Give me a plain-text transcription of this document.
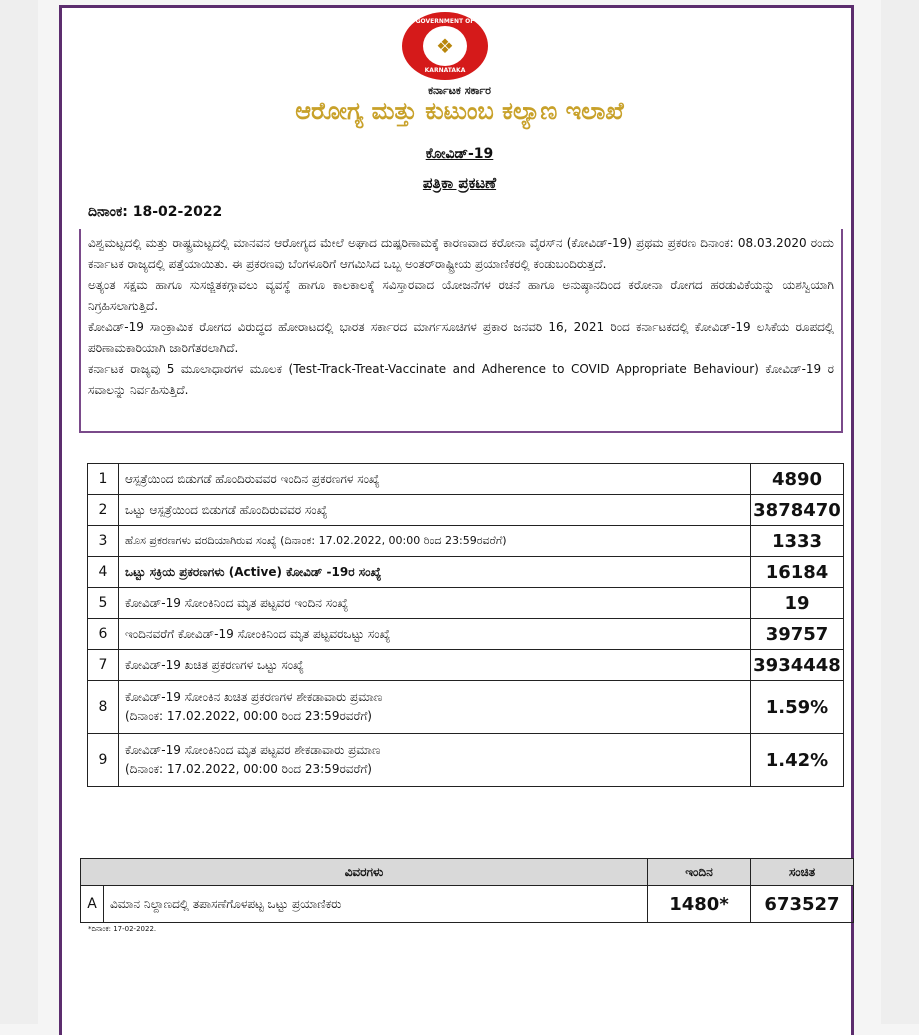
GOVERNMENT OF
❖
KARNATAKA
ಕರ್ನಾಟಕ ಸರ್ಕಾರ
ಆರೋಗ್ಯ ಮತ್ತು ಕುಟುಂಬ ಕಲ್ಯಾಣ ಇಲಾಖೆ
ಕೋವಿಡ್-19
ಪತ್ರಿಕಾ ಪ್ರಕಟಣೆ
ದಿನಾಂಕ: 18-02-2022

ವಿಶ್ವಮಟ್ಟದಲ್ಲಿ ಮತ್ತು ರಾಷ್ಟ್ರಮಟ್ಟದಲ್ಲಿ ಮಾನವನ ಆರೋಗ್ಯದ ಮೇಲೆ ಅಘಾದ ದುಷ್ಪರಿಣಾಮಕ್ಕೆ ಕಾರಣವಾದ ಕರೋನಾ ವೈರಸ್‌ನ (ಕೋವಿಡ್-19) ಪ್ರಥಮ ಪ್ರಕರಣ ದಿನಾಂಕ: 08.03.2020 ರಂದು ಕರ್ನಾಟಕ ರಾಜ್ಯದಲ್ಲಿ ಪತ್ತೆಯಾಯಿತು. ಈ ಪ್ರಕರಣವು ಬೆಂಗಳೂರಿಗೆ ಆಗಮಿಸಿದ ಒಬ್ಬ ಅಂತರ್‌ರಾಷ್ಟ್ರೀಯ ಪ್ರಯಾಣಿಕರಲ್ಲಿ ಕಂಡುಬಂದಿರುತ್ತದೆ.

ಅತ್ಯಂತ ಸಕ್ಷಮ ಹಾಗೂ ಸುಸಜ್ಜಿತಕಗ್ಗಾವಲು ವ್ಯವಸ್ಥೆ ಹಾಗೂ ಕಾಲಕಾಲಕ್ಕೆ ಸವಿಸ್ತಾರವಾದ ಯೋಜನೆಗಳ ರಚನೆ ಹಾಗೂ ಅನುಷ್ಠಾನದಿಂದ ಕರೋನಾ ರೋಗದ ಹರಡುವಿಕೆಯನ್ನು ಯಶಸ್ವಿಯಾಗಿ ನಿಗ್ರಹಿಸಲಾಗುತ್ತಿದೆ.

ಕೋವಿಡ್-19 ಸಾಂಕ್ರಾಮಿಕ ರೋಗದ ವಿರುದ್ಧದ ಹೋರಾಟದಲ್ಲಿ ಭಾರತ ಸರ್ಕಾರದ ಮಾರ್ಗಸೂಚಿಗಳ ಪ್ರಕಾರ ಜನವರಿ 16, 2021 ರಿಂದ ಕರ್ನಾಟಕದಲ್ಲಿ ಕೋವಿಡ್-19 ಲಸಿಕೆಯ ರೂಪದಲ್ಲಿ ಪರಿಣಾಮಕಾರಿಯಾಗಿ ಜಾರಿಗೆತರಲಾಗಿದೆ.

ಕರ್ನಾಟಕ ರಾಜ್ಯವು 5 ಮೂಲಾಧಾರಗಳ ಮೂಲಕ (Test-Track-Treat-Vaccinate and Adherence to COVID Appropriate Behaviour) ಕೋವಿಡ್-19 ರ ಸವಾಲನ್ನು ನಿರ್ವಹಿಸುತ್ತಿದೆ.

1	ಆಸ್ಪತ್ರೆಯಿಂದ ಬಿಡುಗಡೆ ಹೊಂದಿರುವವರ ಇಂದಿನ ಪ್ರಕರಣಗಳ ಸಂಖ್ಯೆ	4890
2	ಒಟ್ಟು ಆಸ್ಪತ್ರೆಯಿಂದ ಬಿಡುಗಡೆ ಹೊಂದಿರುವವರ ಸಂಖ್ಯೆ	3878470
3	ಹೊಸ ಪ್ರಕರಣಗಳು ವರದಿಯಾಗಿರುವ ಸಂಖ್ಯೆ (ದಿನಾಂಕ: 17.02.2022, 00:00 ರಿಂದ 23:59ರವರೆಗೆ)	1333
4	ಒಟ್ಟು ಸಕ್ರಿಯ ಪ್ರಕರಣಗಳು (Active) ಕೋವಿಡ್ -19ರ ಸಂಖ್ಯೆ	16184
5	ಕೋವಿಡ್-19 ಸೋಂಕಿನಿಂದ ಮೃತ ಪಟ್ಟವರ ಇಂದಿನ ಸಂಖ್ಯೆ	19
6	ಇಂದಿನವರೆಗೆ ಕೋವಿಡ್-19 ಸೋಂಕಿನಿಂದ ಮೃತ ಪಟ್ಟವರಒಟ್ಟು ಸಂಖ್ಯೆ	39757
7	ಕೋವಿಡ್-19 ಖಚಿತ ಪ್ರಕರಣಗಳ ಒಟ್ಟು ಸಂಖ್ಯೆ	3934448
8	ಕೋವಿಡ್-19 ಸೋಂಕಿನ ಖಚಿತ ಪ್ರಕರಣಗಳ ಶೇಕಡಾವಾರು ಪ್ರಮಾಣ
(ದಿನಾಂಕ: 17.02.2022, 00:00 ರಿಂದ 23:59ರವರೆಗೆ)	1.59%
9	ಕೋವಿಡ್-19 ಸೋಂಕಿನಿಂದ ಮೃತ ಪಟ್ಟವರ ಶೇಕಡಾವಾರು ಪ್ರಮಾಣ
(ದಿನಾಂಕ: 17.02.2022, 00:00 ರಿಂದ 23:59ರವರೆಗೆ)	1.42%
ವಿವರಗಳು		ಇಂದಿನ	ಸಂಚಿತ
A	ವಿಮಾನ ನಿಲ್ದಾಣದಲ್ಲಿ ತಪಾಸಣೆಗೊಳಪಟ್ಟ ಒಟ್ಟು ಪ್ರಯಾಣಿಕರು	1480*	673527
*ದಿನಾಂಕ: 17-02-2022.
